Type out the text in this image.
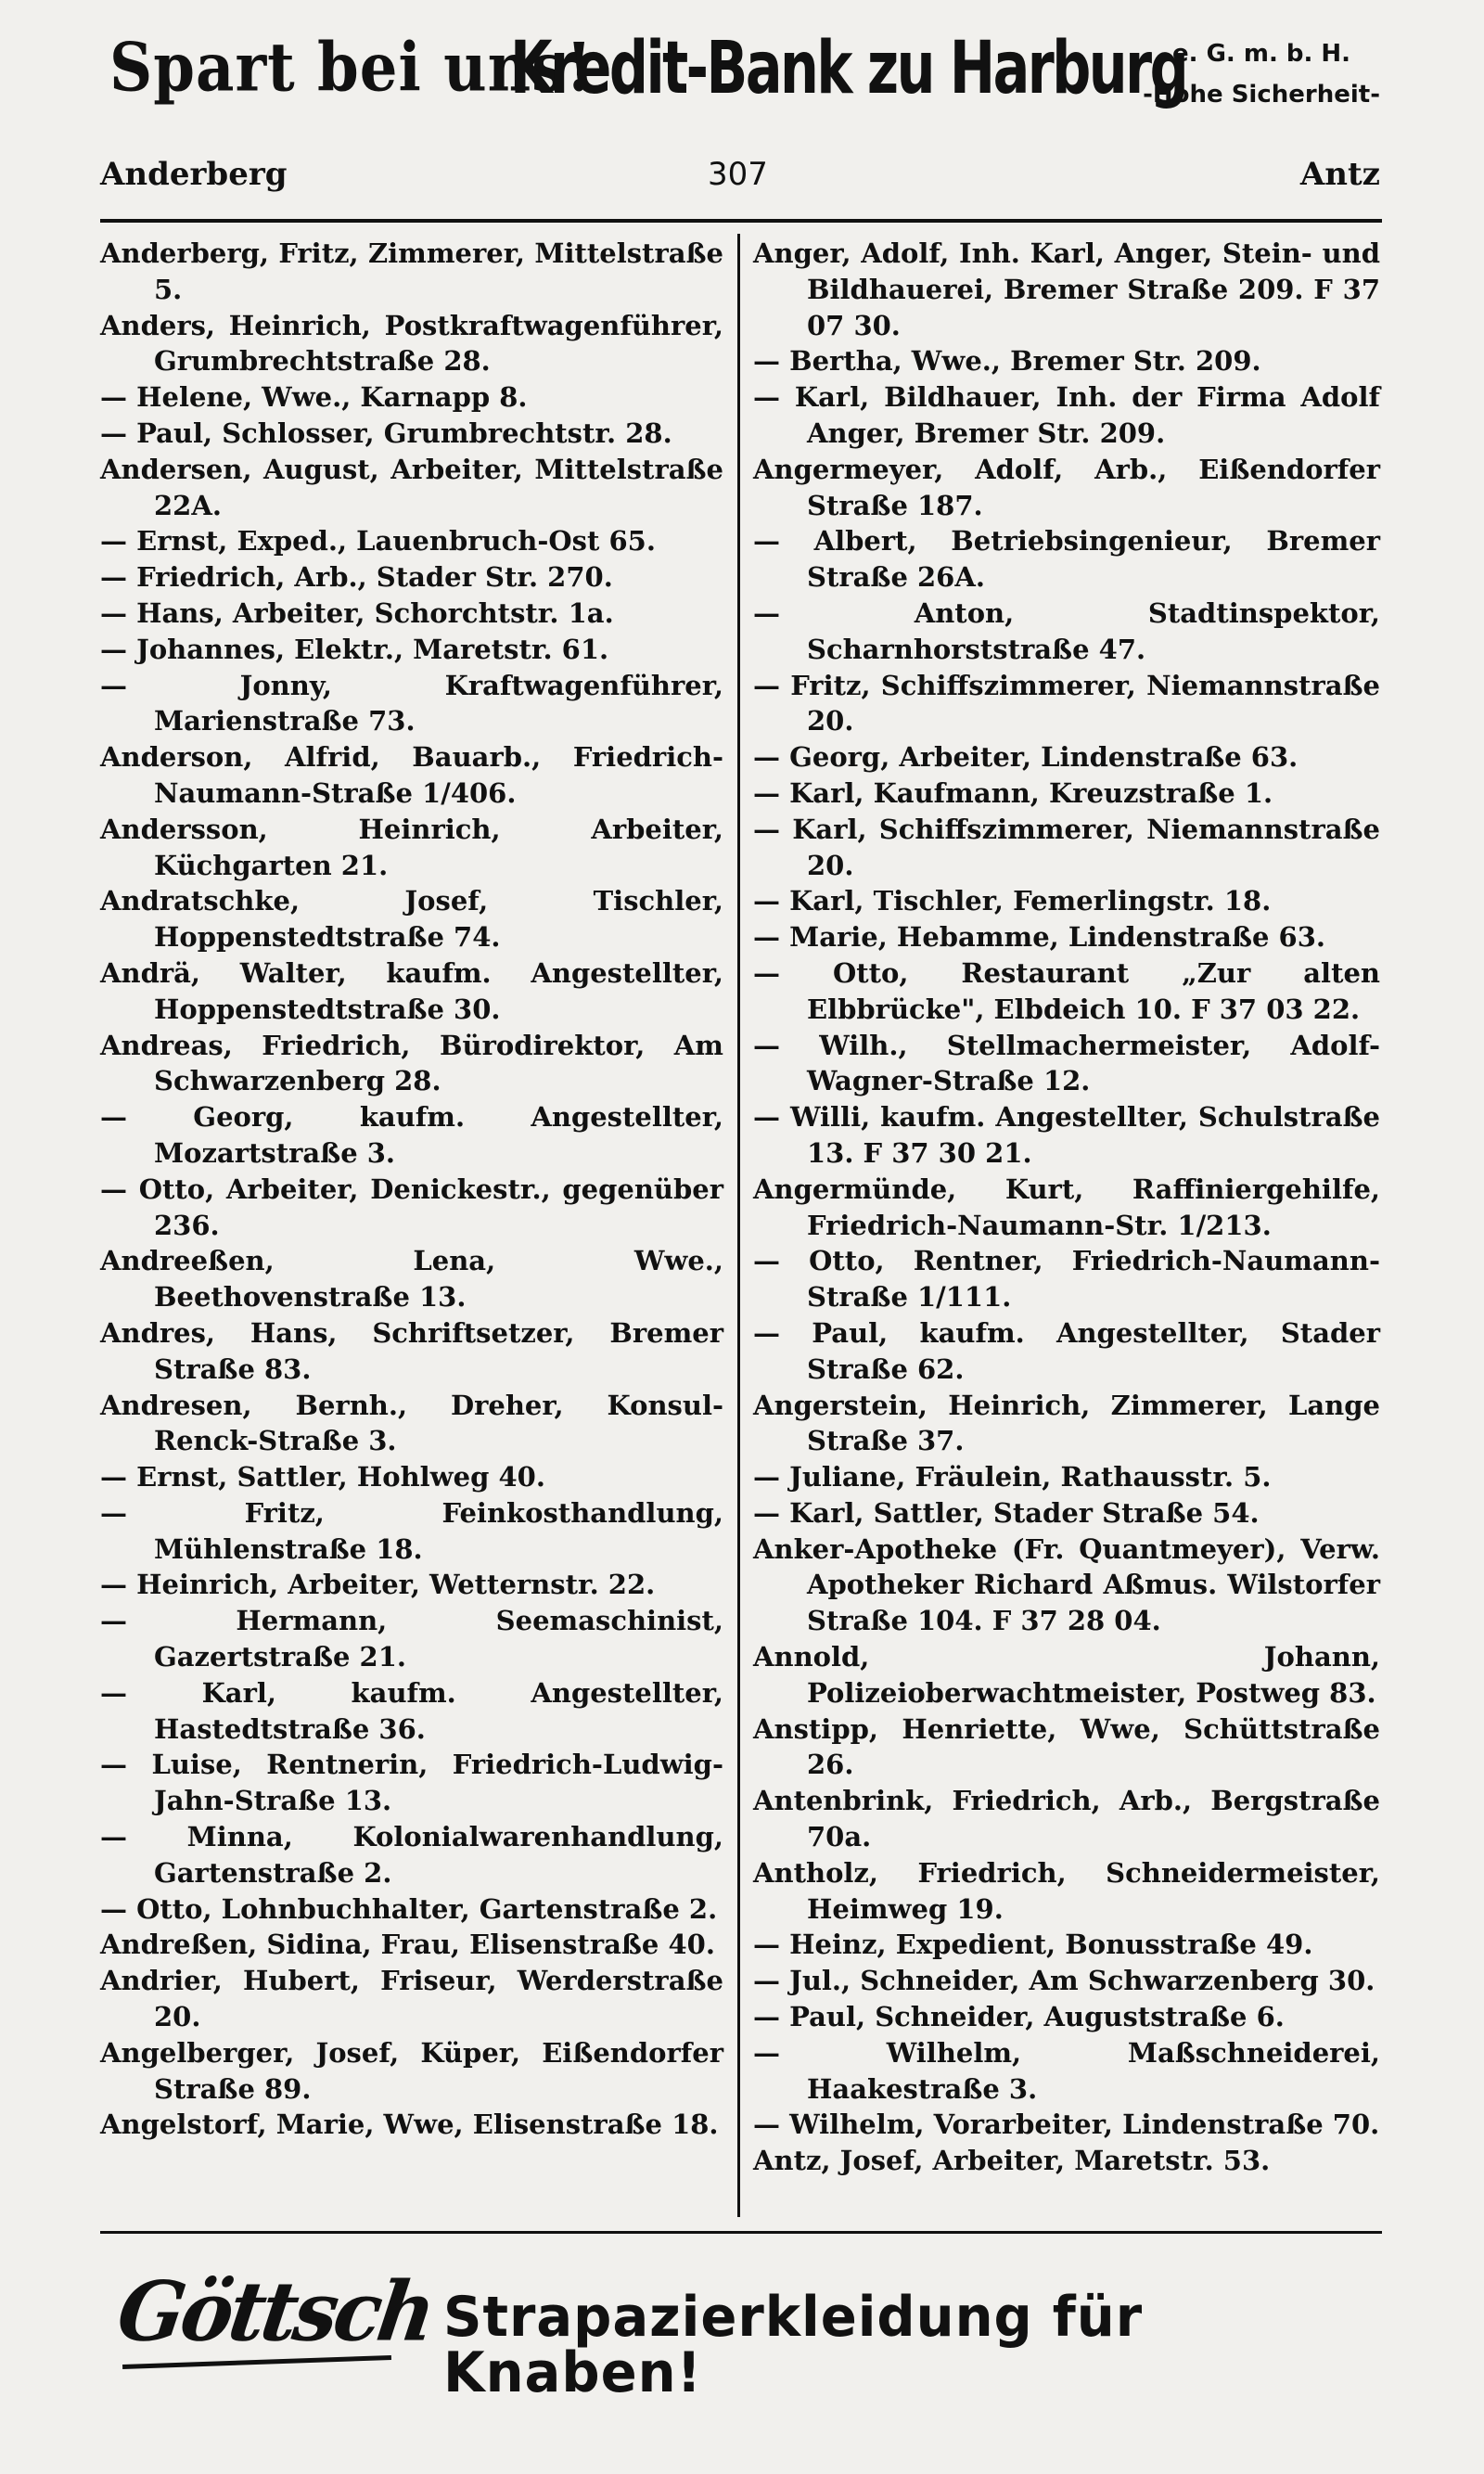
Spart bei uns!
Kredit-Bank zu Harburg
e. G. m. b. H.
-Hohe Sicherheit-
Anderberg	307	Antz

Anderberg, Fritz, Zimmerer, Mittelstraße 5.

Anders, Heinrich, Postkraftwagenführer, Grumbrechtstraße 28.

— Helene, Wwe., Karnapp 8.

— Paul, Schlosser, Grumbrechtstr. 28.

Andersen, August, Arbeiter, Mittelstraße 22A.

— Ernst, Exped., Lauenbruch-Ost 65.

— Friedrich, Arb., Stader Str. 270.

— Hans, Arbeiter, Schorchtstr. 1a.

— Johannes, Elektr., Maretstr. 61.

— Jonny, Kraftwagenführer, Marienstraße 73.

Anderson, Alfrid, Bauarb., Friedrich-Naumann-Straße 1/406.

Andersson, Heinrich, Arbeiter, Küchgarten 21.

Andratschke, Josef, Tischler, Hoppenstedtstraße 74.

Andrä, Walter, kaufm. Angestellter, Hoppenstedtstraße 30.

Andreas, Friedrich, Bürodirektor, Am Schwarzenberg 28.

— Georg, kaufm. Angestellter, Mozartstraße 3.

— Otto, Arbeiter, Denickestr., gegenüber 236.

Andreeßen, Lena, Wwe., Beethovenstraße 13.

Andres, Hans, Schriftsetzer, Bremer Straße 83.

Andresen, Bernh., Dreher, Konsul-Renck-Straße 3.

— Ernst, Sattler, Hohlweg 40.

— Fritz, Feinkosthandlung, Mühlenstraße 18.

— Heinrich, Arbeiter, Wetternstr. 22.

— Hermann, Seemaschinist, Gazertstraße 21.

— Karl, kaufm. Angestellter, Hastedtstraße 36.

— Luise, Rentnerin, Friedrich-Ludwig-Jahn-Straße 13.

— Minna, Kolonialwarenhandlung, Gartenstraße 2.

— Otto, Lohnbuchhalter, Gartenstraße 2.

Andreßen, Sidina, Frau, Elisenstraße 40.

Andrier, Hubert, Friseur, Werderstraße 20.

Angelberger, Josef, Küper, Eißendorfer Straße 89.

Angelstorf, Marie, Wwe, Elisenstraße 18.

Anger, Adolf, Inh. Karl, Anger, Stein- und Bildhauerei, Bremer Straße 209. F 37 07 30.

— Bertha, Wwe., Bremer Str. 209.

— Karl, Bildhauer, Inh. der Firma Adolf Anger, Bremer Str. 209.

Angermeyer, Adolf, Arb., Eißendorfer Straße 187.

— Albert, Betriebsingenieur, Bremer Straße 26A.

— Anton, Stadtinspektor, Scharnhorststraße 47.

— Fritz, Schiffszimmerer, Niemannstraße 20.

— Georg, Arbeiter, Lindenstraße 63.

— Karl, Kaufmann, Kreuzstraße 1.

— Karl, Schiffszimmerer, Niemannstraße 20.

— Karl, Tischler, Femerlingstr. 18.

— Marie, Hebamme, Lindenstraße 63.

— Otto, Restaurant „Zur alten Elbbrücke", Elbdeich 10. F 37 03 22.

— Wilh., Stellmachermeister, Adolf-Wagner-Straße 12.

— Willi, kaufm. Angestellter, Schulstraße 13. F 37 30 21.

Angermünde, Kurt, Raffiniergehilfe, Friedrich-Naumann-Str. 1/213.

— Otto, Rentner, Friedrich-Naumann-Straße 1/111.

— Paul, kaufm. Angestellter, Stader Straße 62.

Angerstein, Heinrich, Zimmerer, Lange Straße 37.

— Juliane, Fräulein, Rathausstr. 5.

— Karl, Sattler, Stader Straße 54.

Anker-Apotheke (Fr. Quantmeyer), Verw. Apotheker Richard Aßmus. Wilstorfer Straße 104. F 37 28 04.

Annold, Johann, Polizeioberwachtmeister, Postweg 83.

Anstipp, Henriette, Wwe, Schüttstraße 26.

Antenbrink, Friedrich, Arb., Bergstraße 70a.

Antholz, Friedrich, Schneidermeister, Heimweg 19.

— Heinz, Expedient, Bonusstraße 49.

— Jul., Schneider, Am Schwarzenberg 30.

— Paul, Schneider, Auguststraße 6.

— Wilhelm, Maßschneiderei, Haakestraße 3.

— Wilhelm, Vorarbeiter, Lindenstraße 70.

Antz, Josef, Arbeiter, Maretstr. 53.

Göttsch Strapazierkleidung für Knaben!
